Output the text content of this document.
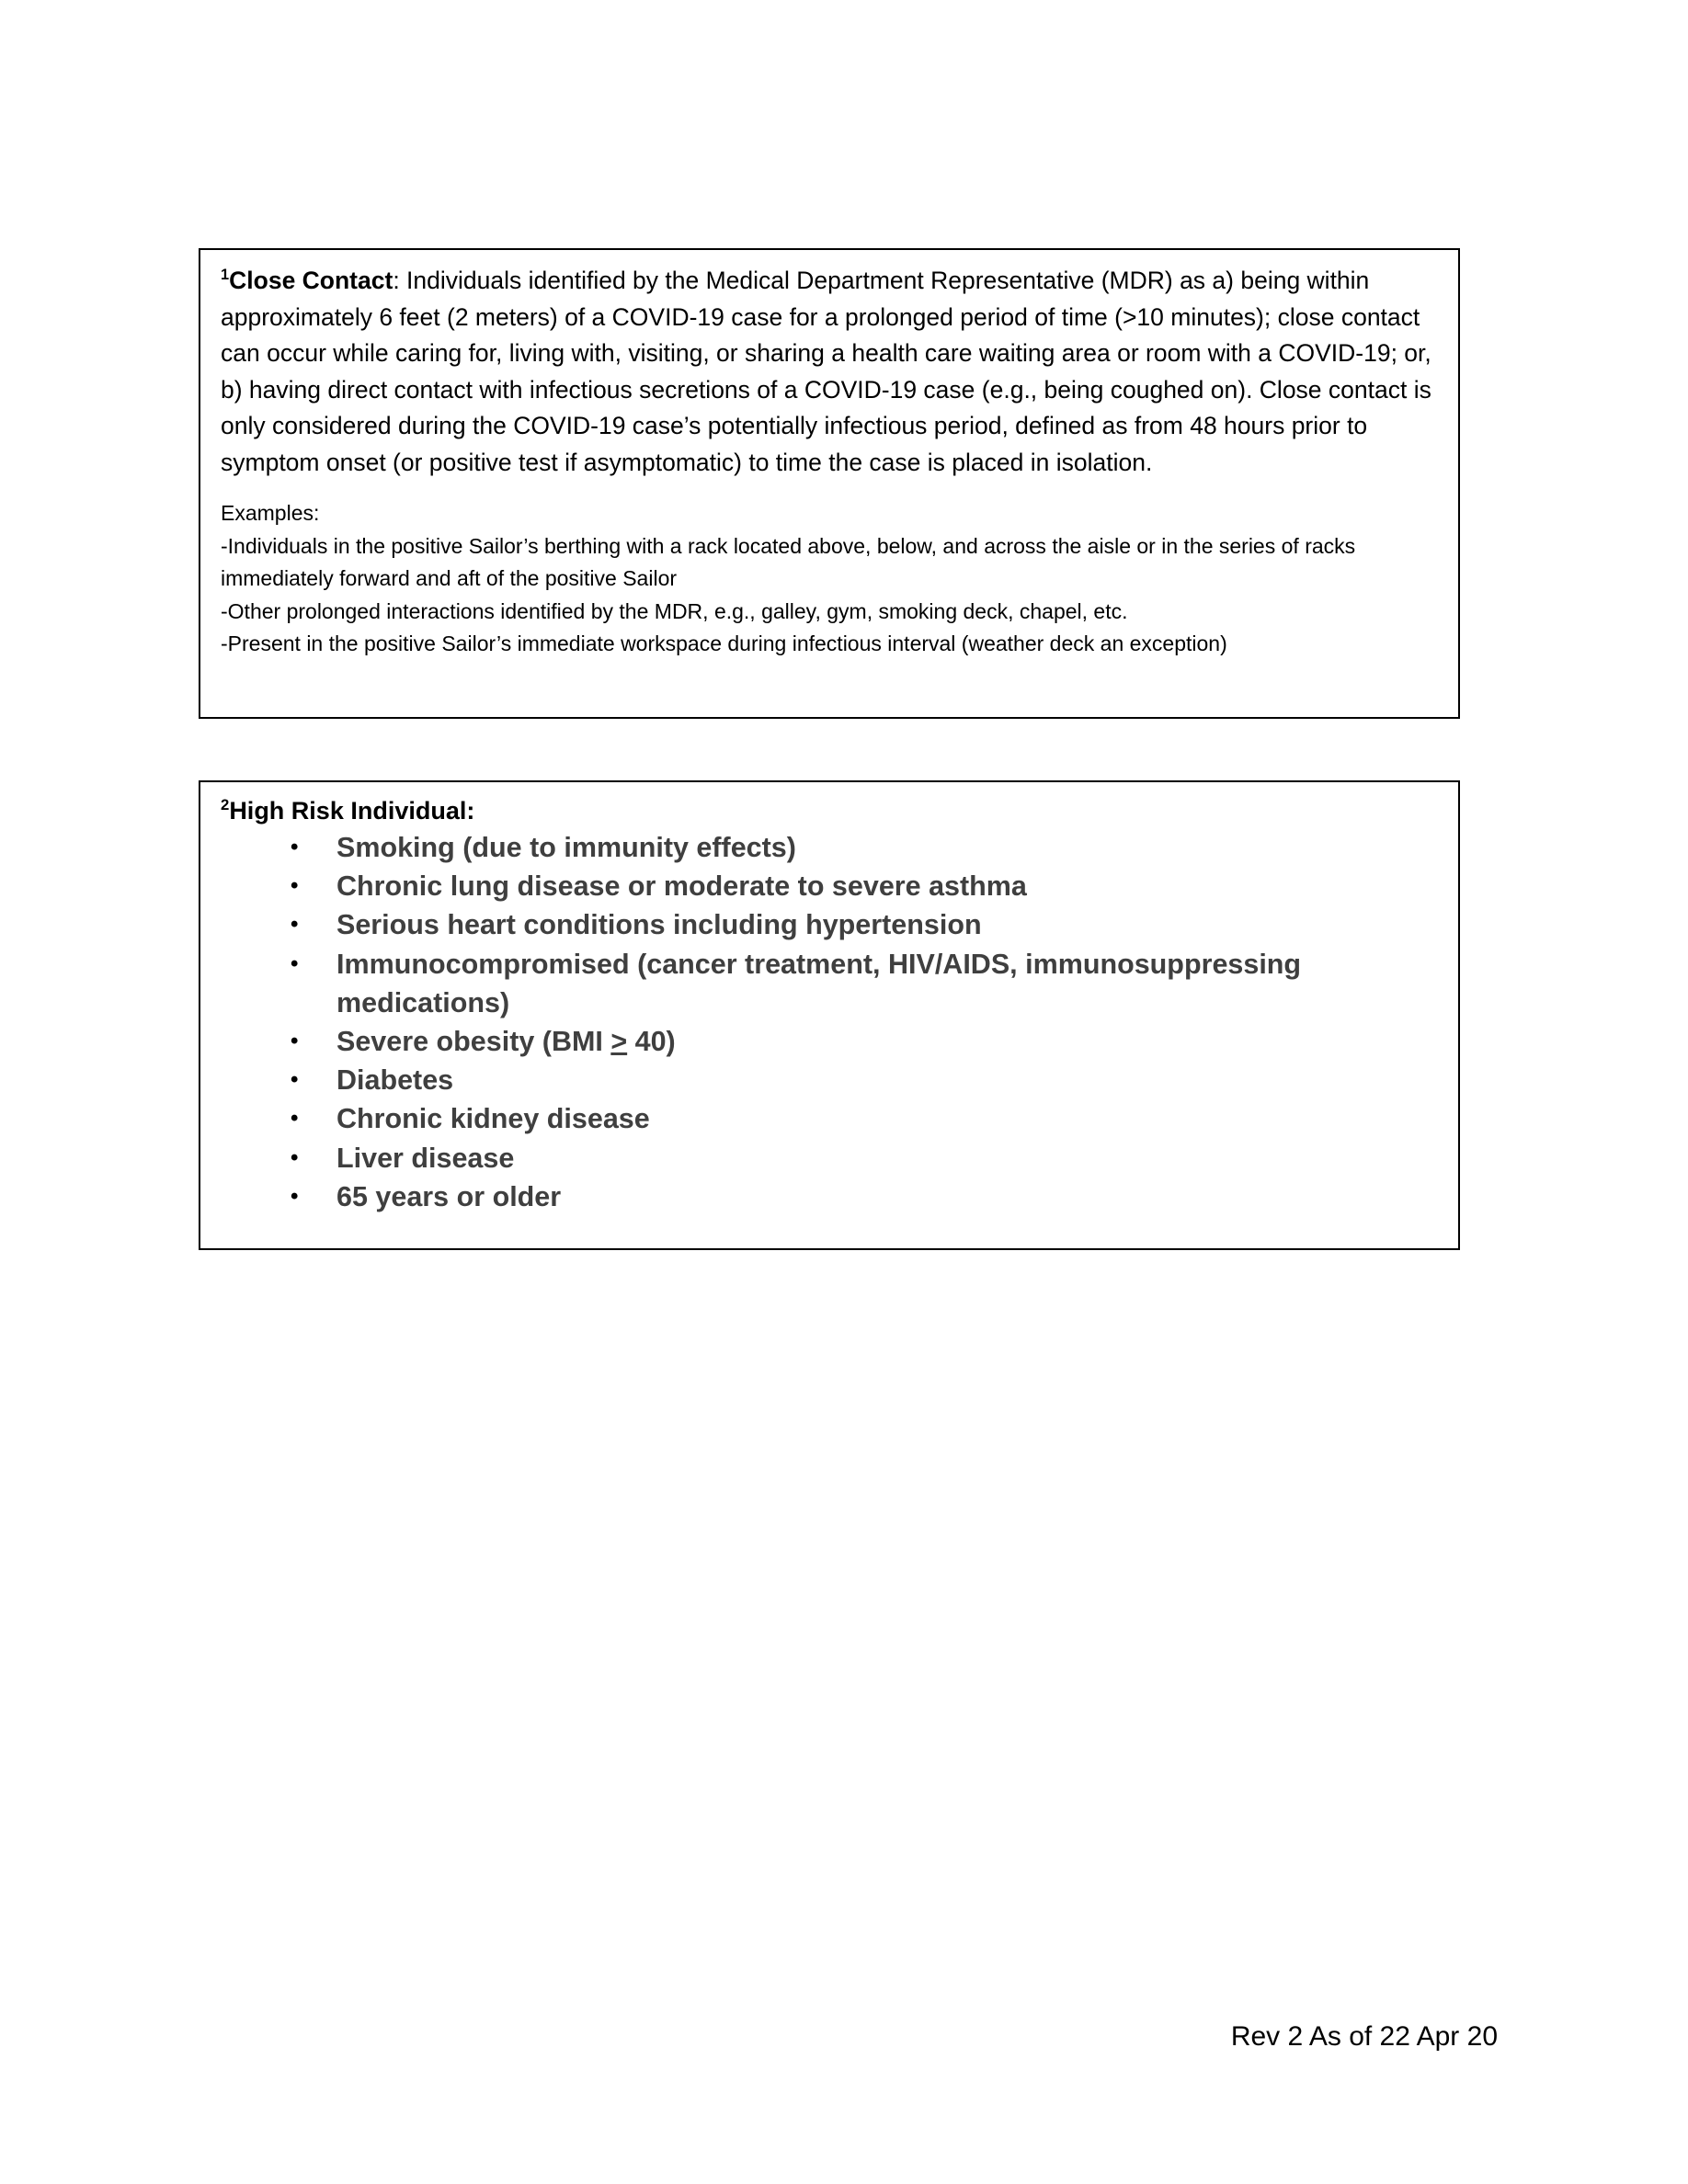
$^1$Close Contact: Individuals identified by the Medical Department Representative (MDR) as a) being within approximately 6 feet (2 meters) of a COVID-19 case for a prolonged period of time (>10 minutes); close contact can occur while caring for, living with, visiting, or sharing a health care waiting area or room with a COVID-19; or, b) having direct contact with infectious secretions of a COVID-19 case (e.g., being coughed on). Close contact is only considered during the COVID-19 case’s potentially infectious period, defined as from 48 hours prior to symptom onset (or positive test if asymptomatic) to time the case is placed in isolation.

Examples:
-Individuals in the positive Sailor’s berthing with a rack located above, below, and across the aisle or in the series of racks immediately forward and aft of the positive Sailor
-Other prolonged interactions identified by the MDR, e.g., galley, gym, smoking deck, chapel, etc.
-Present in the positive Sailor’s immediate workspace during infectious interval (weather deck an exception)

$^2$High Risk Individual:

• Smoking (due to immunity effects)
• Chronic lung disease or moderate to severe asthma
• Serious heart conditions including hypertension
• Immunocompromised (cancer treatment, HIV/AIDS, immunosuppressing medications)
• Severe obesity (BMI > 40)
• Diabetes
• Chronic kidney disease
• Liver disease
• 65 years or older
Rev 2 As of 22 Apr 20
